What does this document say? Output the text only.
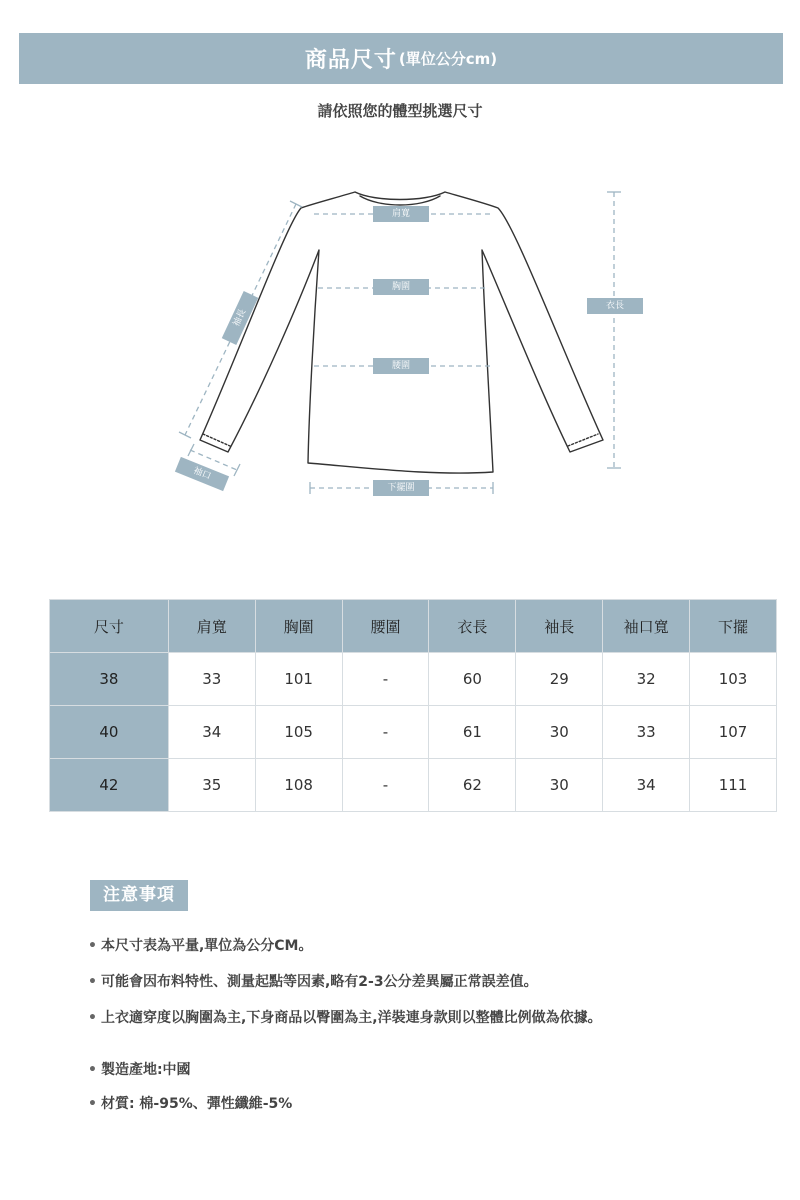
商品尺寸 (單位公分cm)
請依照您的體型挑選尺寸
肩寬
胸圍
腰圍
衣長
下擺圍
袖長
袖口
尺寸	肩寬	胸圍	腰圍	衣長	袖長	袖口寬	下擺
38	33	101	-	60	29	32	103
40	34	105	-	61	30	33	107
42	35	108	-	62	30	34	111
注意事項
• 本尺寸表為平量,單位為公分CM。
• 可能會因布料特性、測量起點等因素,略有2-3公分差異屬正常誤差值。
• 上衣適穿度以胸圍為主,下身商品以臀圍為主,洋裝連身款則以整體比例做為依據。
• 製造產地:中國
• 材質: 棉-95%、彈性纖維-5%
